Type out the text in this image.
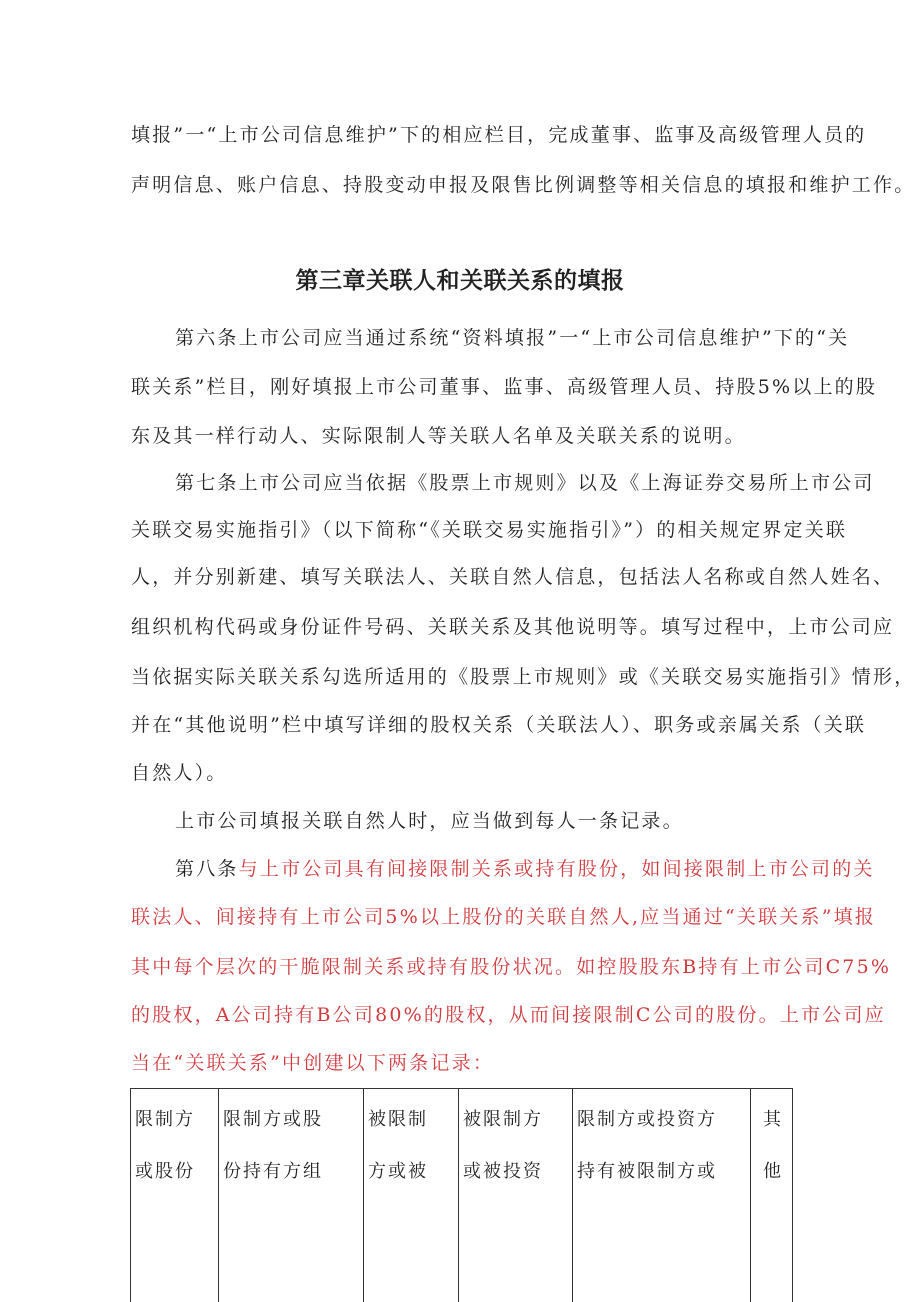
填报”一“上市公司信息维护”下的相应栏目，完成董事、监事及高级管理人员的
声明信息、账户信息、持股变动申报及限售比例调整等相关信息的填报和维护工作。
第三章关联人和关联关系的填报
第六条上市公司应当通过系统“资料填报”一“上市公司信息维护”下的“关
联关系”栏目，刚好填报上市公司董事、监事、高级管理人员、持股5%以上的股
东及其一样行动人、实际限制人等关联人名单及关联关系的说明。
第七条上市公司应当依据《股票上市规则》以及《上海证券交易所上市公司
关联交易实施指引》（以下简称“《关联交易实施指引》”）的相关规定界定关联
人，并分别新建、填写关联法人、关联自然人信息，包括法人名称或自然人姓名、
组织机构代码或身份证件号码、关联关系及其他说明等。填写过程中，上市公司应
当依据实际关联关系勾选所适用的《股票上市规则》或《关联交易实施指引》情形，
并在“其他说明”栏中填写详细的股权关系（关联法人）、职务或亲属关系（关联
自然人）。
上市公司填报关联自然人时，应当做到每人一条记录。
第八条与上市公司具有间接限制关系或持有股份，如间接限制上市公司的关
联法人、间接持有上市公司5%以上股份的关联自然人,应当通过“关联关系”填报
其中每个层次的干脆限制关系或持有股份状况。如控股股东B持有上市公司C75%
的股权，A公司持有B公司80%的股权，从而间接限制C公司的股份。上市公司应
当在“关联关系”中创建以下两条记录：
限制方
或股份
限制方或股
份持有方组
被限制
方或被
被限制方
或被投资
限制方或投资方
持有被限制方或
其
他
